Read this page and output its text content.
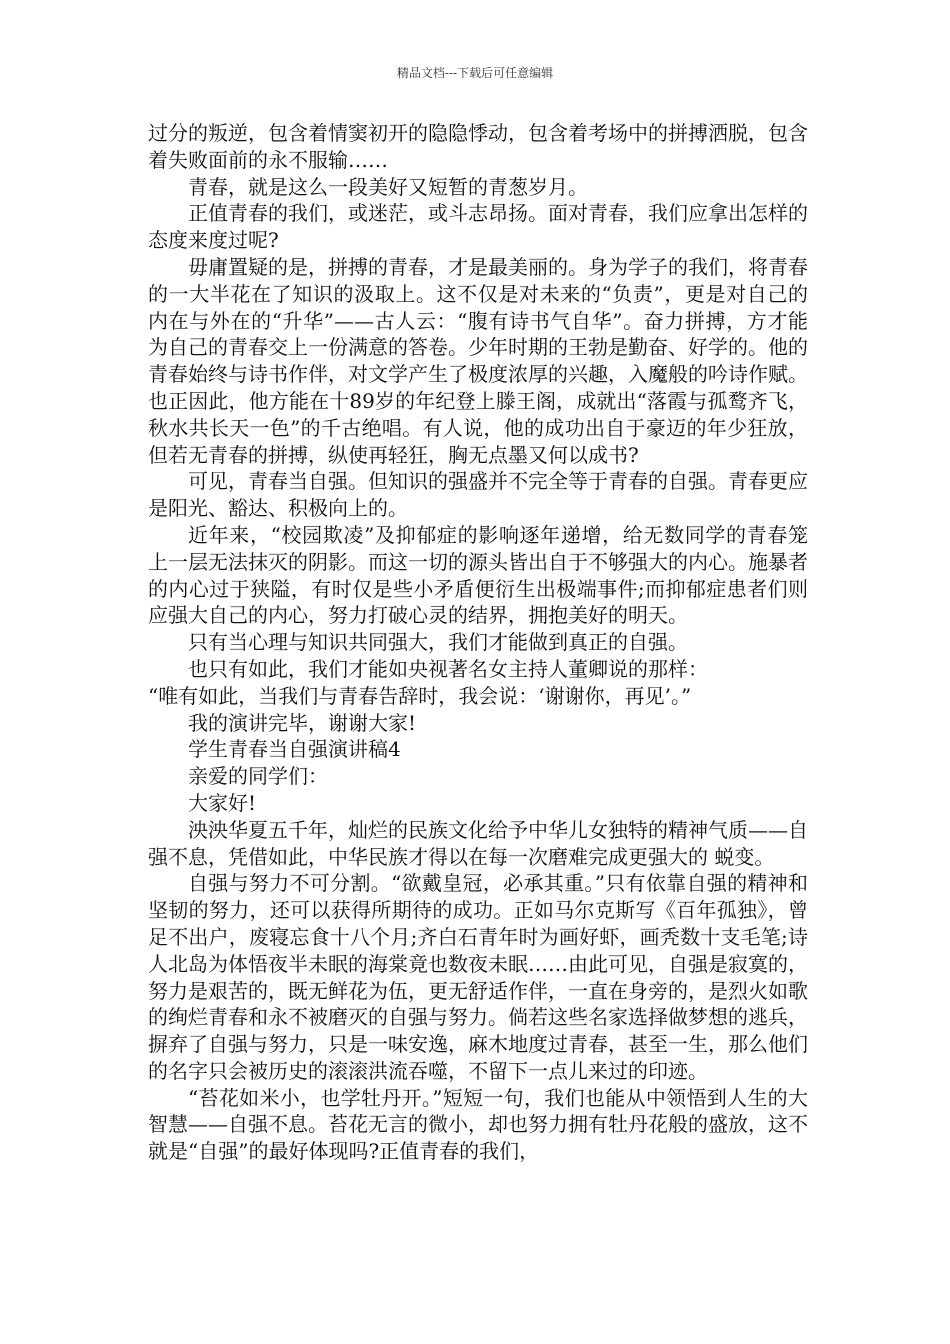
精品文档---下载后可任意编辑

过分的叛逆，包含着情窦初开的隐隐悸动，包含着考场中的拼搏洒脱，包含着失败面前的永不服输……

青春，就是这么一段美好又短暂的青葱岁月。

正值青春的我们，或迷茫，或斗志昂扬。面对青春，我们应拿出怎样的态度来度过呢?

毋庸置疑的是，拼搏的青春，才是最美丽的。身为学子的我们，将青春的一大半花在了知识的汲取上。这不仅是对未来的“负责”，更是对自己的内在与外在的“升华”——古人云：“腹有诗书气自华”。奋力拼搏，方才能为自己的青春交上一份满意的答卷。少年时期的王勃是勤奋、好学的。他的青春始终与诗书作伴，对文学产生了极度浓厚的兴趣，入魔般的吟诗作赋。也正因此，他方能在十89岁的年纪登上滕王阁，成就出“落霞与孤鹜齐飞，秋水共长天一色”的千古绝唱。有人说，他的成功出自于豪迈的年少狂放，但若无青春的拼搏，纵使再轻狂，胸无点墨又何以成书?

可见，青春当自强。但知识的强盛并不完全等于青春的自强。青春更应是阳光、豁达、积极向上的。

近年来，“校园欺凌”及抑郁症的影响逐年递增，给无数同学的青春笼上一层无法抹灭的阴影。而这一切的源头皆出自于不够强大的内心。施暴者的内心过于狭隘，有时仅是些小矛盾便衍生出极端事件;而抑郁症患者们则应强大自己的内心，努力打破心灵的结界，拥抱美好的明天。

只有当心理与知识共同强大，我们才能做到真正的自强。

也只有如此，我们才能如央视著名女主持人董卿说的那样：

“唯有如此，当我们与青春告辞时，我会说：‘谢谢你，再见’。”

我的演讲完毕，谢谢大家!

学生青春当自强演讲稿4

亲爱的同学们：

大家好!

泱泱华夏五千年，灿烂的民族文化给予中华儿女独特的精神气质——自强不息，凭借如此，中华民族才得以在每一次磨难完成更强大的 蜕变。

自强与努力不可分割。“欲戴皇冠，必承其重。”只有依靠自强的精神和坚韧的努力，还可以获得所期待的成功。正如马尔克斯写《百年孤独》，曾足不出户，废寝忘食十八个月;齐白石青年时为画好虾，画秃数十支毛笔;诗人北岛为体悟夜半未眠的海棠竟也数夜未眠……由此可见，自强是寂寞的，努力是艰苦的，既无鲜花为伍，更无舒适作伴，一直在身旁的，是烈火如歌的绚烂青春和永不被磨灭的自强与努力。倘若这些名家选择做梦想的逃兵，摒弃了自强与努力，只是一味安逸，麻木地度过青春，甚至一生，那么他们的名字只会被历史的滚滚洪流吞噬，不留下一点儿来过的印迹。

“苔花如米小，也学牡丹开。”短短一句，我们也能从中领悟到人生的大智慧——自强不息。苔花无言的微小，却也努力拥有牡丹花般的盛放，这不就是“自强”的最好体现吗?正值青春的我们，
